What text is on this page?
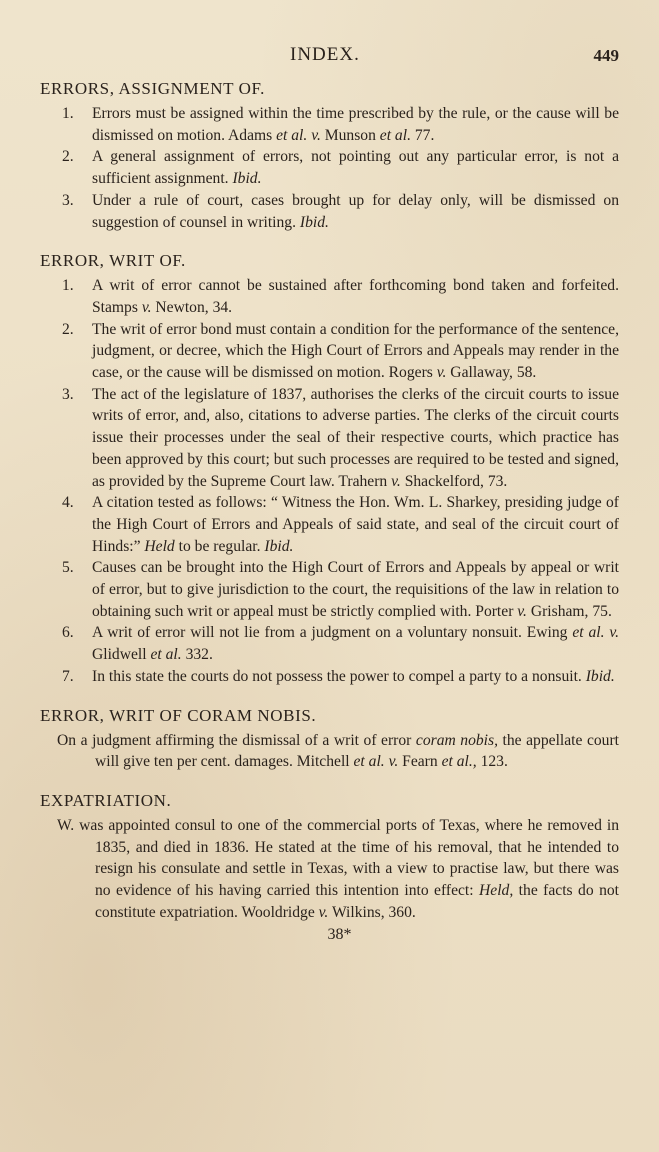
INDEX.	449
ERRORS, ASSIGNMENT OF.
1. Errors must be assigned within the time prescribed by the rule, or the cause will be dismissed on motion. Adams et al. v. Munson et al. 77.
2. A general assignment of errors, not pointing out any particular error, is not a sufficient assignment. Ibid.
3. Under a rule of court, cases brought up for delay only, will be dismissed on suggestion of counsel in writing. Ibid.
ERROR, WRIT OF.
1. A writ of error cannot be sustained after forthcoming bond taken and forfeited. Stamps v. Newton, 34.
2. The writ of error bond must contain a condition for the performance of the sentence, judgment, or decree, which the High Court of Errors and Appeals may render in the case, or the cause will be dismissed on motion. Rogers v. Gallaway, 58.
3. The act of the legislature of 1837, authorises the clerks of the circuit courts to issue writs of error, and, also, citations to adverse parties. The clerks of the circuit courts issue their processes under the seal of their respective courts, which practice has been approved by this court; but such processes are required to be tested and signed, as provided by the Supreme Court law. Trahern v. Shackelford, 73.
4. A citation tested as follows: “ Witness the Hon. Wm. L. Sharkey, presiding judge of the High Court of Errors and Appeals of said state, and seal of the circuit court of Hinds:” Held to be regular. Ibid.
5. Causes can be brought into the High Court of Errors and Appeals by appeal or writ of error, but to give jurisdiction to the court, the requisitions of the law in relation to obtaining such writ or appeal must be strictly complied with. Porter v. Grisham, 75.
6. A writ of error will not lie from a judgment on a voluntary nonsuit. Ewing et al. v. Glidwell et al. 332.
7. In this state the courts do not possess the power to compel a party to a nonsuit. Ibid.
ERROR, WRIT OF CORAM NOBIS.
On a judgment affirming the dismissal of a writ of error coram nobis, the appellate court will give ten per cent. damages. Mitchell et al. v. Fearn et al., 123.
EXPATRIATION.
W. was appointed consul to one of the commercial ports of Texas, where he removed in 1835, and died in 1836. He stated at the time of his removal, that he intended to resign his consulate and settle in Texas, with a view to practise law, but there was no evidence of his having carried this intention into effect: Held, the facts do not constitute expatriation. Wooldridge v. Wilkins, 360.
38*
